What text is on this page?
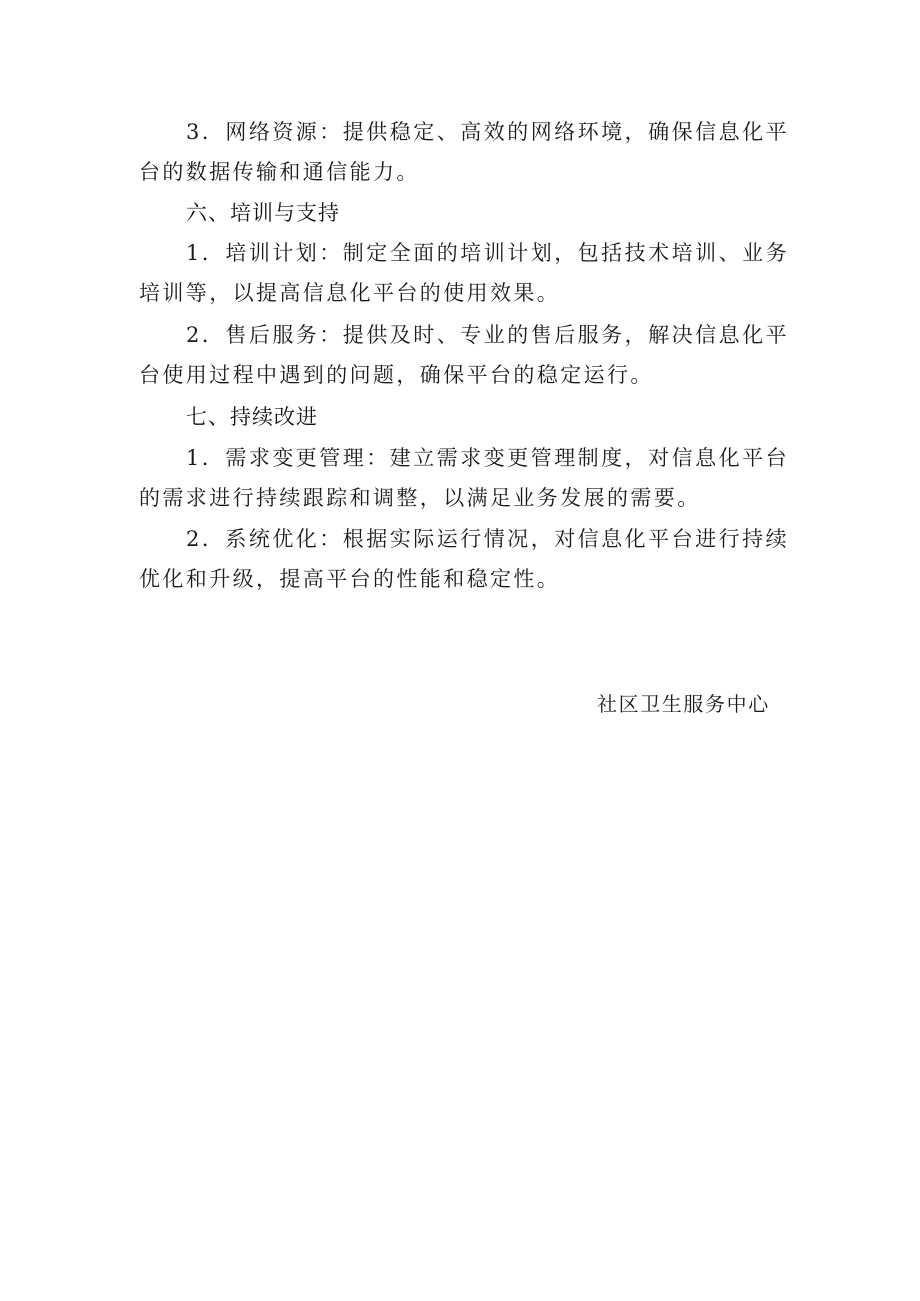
3．网络资源：提供稳定、高效的网络环境，确保信息化平台的数据传输和通信能力。

六、培训与支持

1．培训计划：制定全面的培训计划，包括技术培训、业务培训等，以提高信息化平台的使用效果。

2．售后服务：提供及时、专业的售后服务，解决信息化平台使用过程中遇到的问题，确保平台的稳定运行。

七、持续改进

1．需求变更管理：建立需求变更管理制度，对信息化平台的需求进行持续跟踪和调整，以满足业务发展的需要。

2．系统优化：根据实际运行情况，对信息化平台进行持续优化和升级，提高平台的性能和稳定性。

社区卫生服务中心
